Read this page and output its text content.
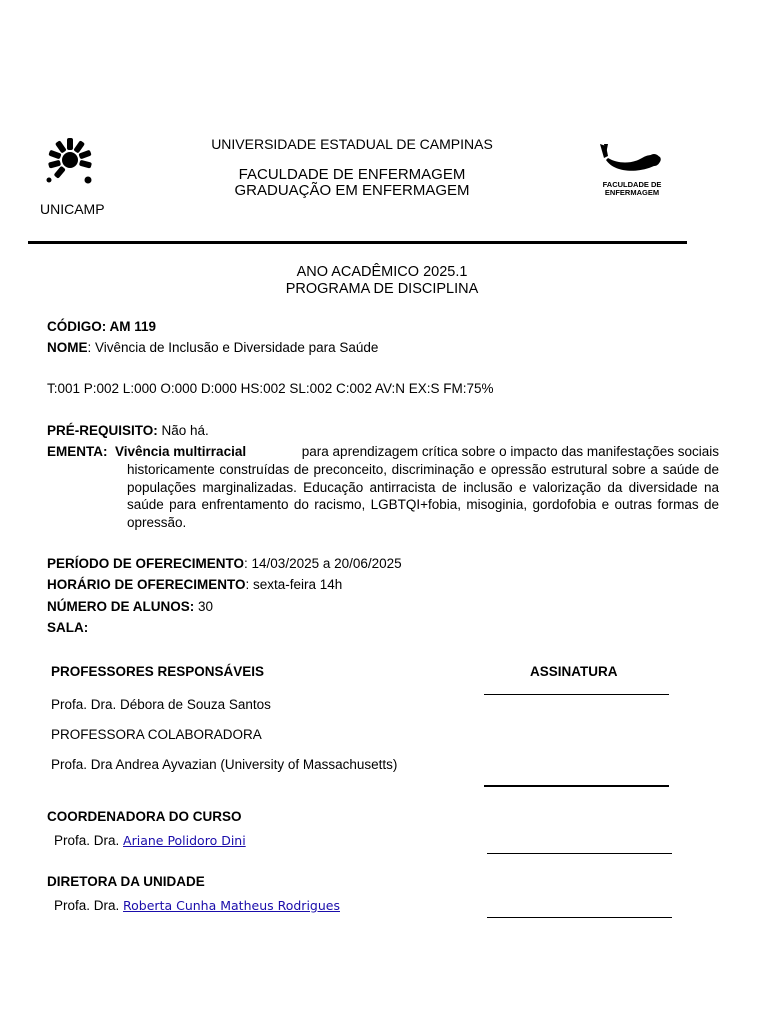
UNICAMP
UNIVERSIDADE ESTADUAL DE CAMPINAS
FACULDADE DE ENFERMAGEM
GRADUAÇÃO EM ENFERMAGEM	FACULDADE DE
ENFERMAGEM
ANO ACADÊMICO 2025.1
PROGRAMA DE DISCIPLINA
CÓDIGO: AM 119
NOME: Vivência de Inclusão e Diversidade para Saúde
T:001 P:002 L:000 O:000 D:000 HS:002 SL:002 C:002 AV:N EX:S FM:75%
PRÉ-REQUISITO: Não há.
EMENTA: Vivência multirracial	para aprendizagem crítica sobre o impacto das manifestações sociais
historicamente construídas de preconceito, discriminação e opressão estrutural sobre a saúde de populações marginalizadas. Educação antirracista de inclusão e valorização da diversidade na saúde para enfrentamento do racismo, LGBTQI+fobia, misoginia, gordofobia e outras formas de opressão.
PERÍODO DE OFERECIMENTO: 14/03/2025 a 20/06/2025
HORÁRIO DE OFERECIMENTO: sexta-feira 14h
NÚMERO DE ALUNOS: 30
SALA:
PROFESSORES RESPONSÁVEIS	ASSINATURA
Profa. Dra. Débora de Souza Santos
PROFESSORA COLABORADORA
Profa. Dra Andrea Ayvazian (University of Massachusetts)
COORDENADORA DO CURSO
Profa. Dra. Ariane Polidoro Dini
DIRETORA DA UNIDADE
Profa. Dra. Roberta Cunha Matheus Rodrigues
